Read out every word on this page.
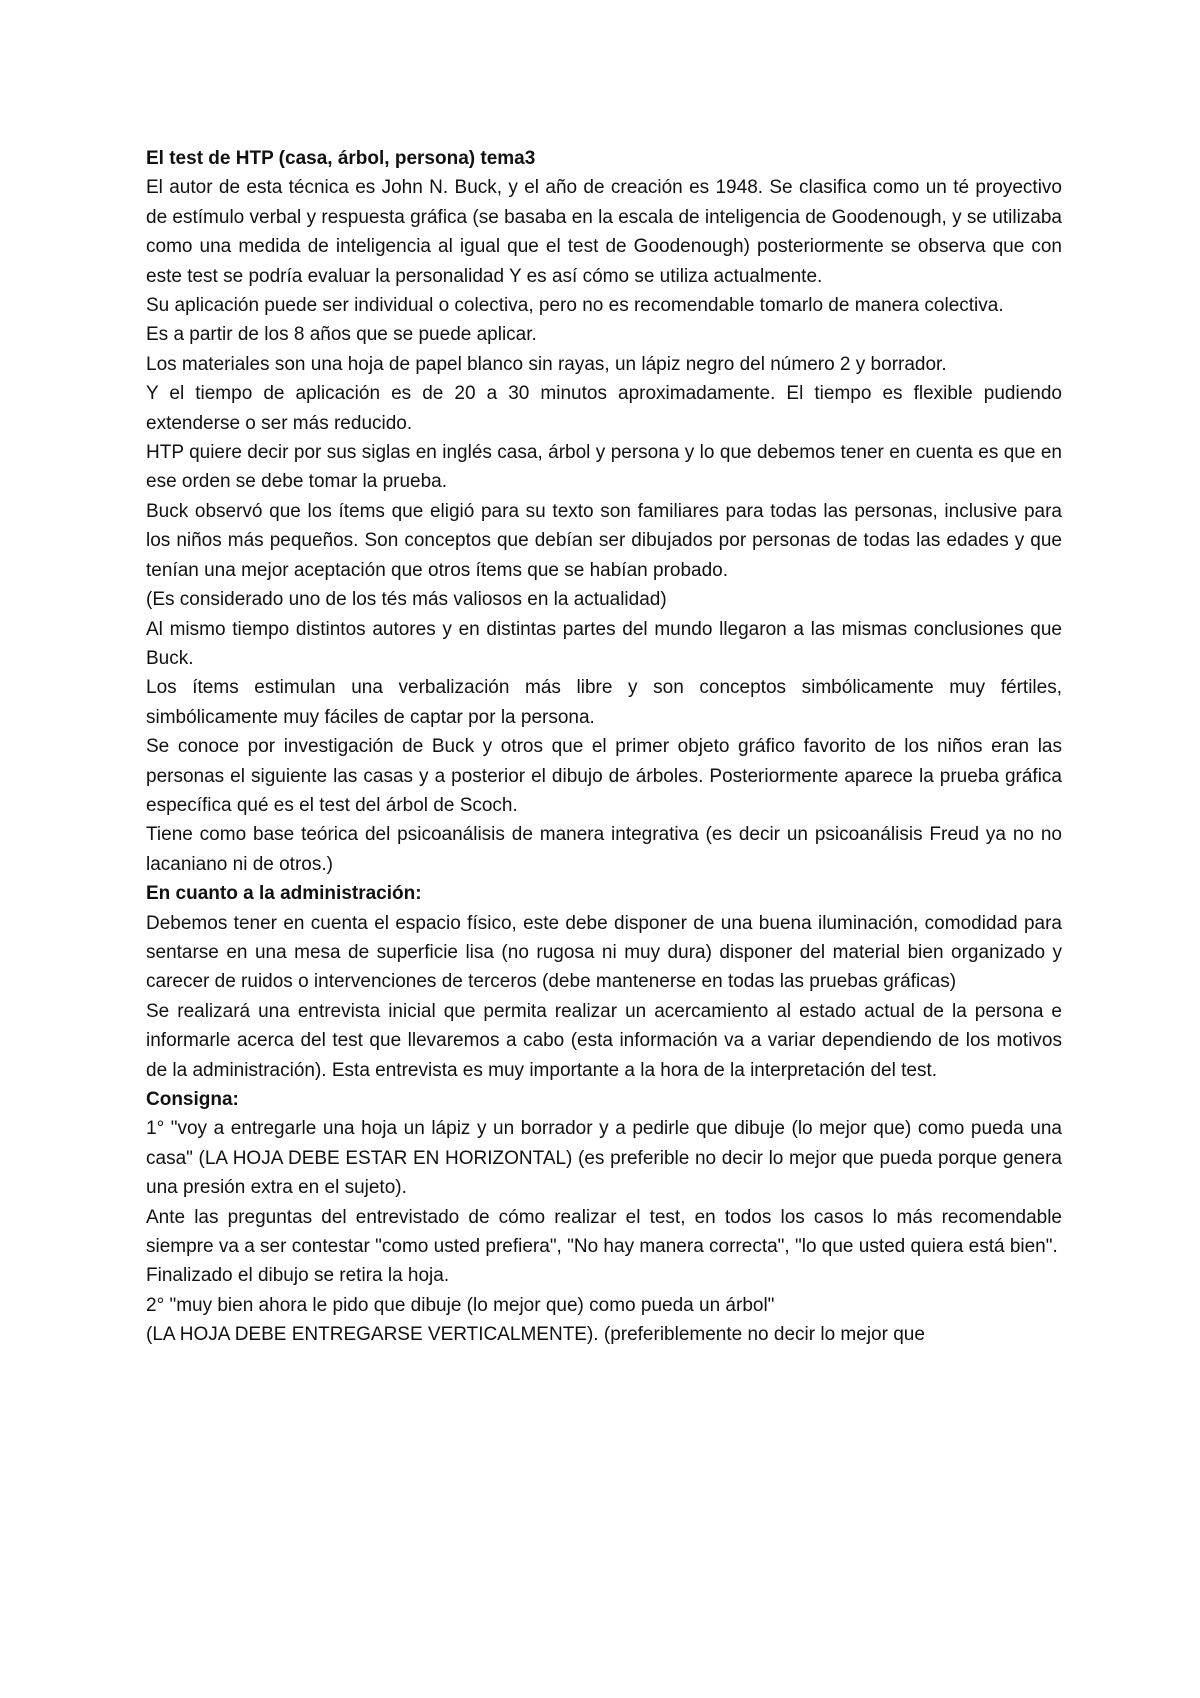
El test de HTP (casa, árbol, persona) tema3

El autor de esta técnica es John N. Buck, y el año de creación es 1948. Se clasifica como un té proyectivo de estímulo verbal y respuesta gráfica (se basaba en la escala de inteligencia de Goodenough, y se utilizaba como una medida de inteligencia al igual que el test de Goodenough) posteriormente se observa que con este test se podría evaluar la personalidad Y es así cómo se utiliza actualmente.

Su aplicación puede ser individual o colectiva, pero no es recomendable tomarlo de manera colectiva.

Es a partir de los 8 años que se puede aplicar.

Los materiales son una hoja de papel blanco sin rayas, un lápiz negro del número 2 y borrador.

Y el tiempo de aplicación es de 20 a 30 minutos aproximadamente. El tiempo es flexible pudiendo extenderse o ser más reducido.

HTP quiere decir por sus siglas en inglés casa, árbol y persona y lo que debemos tener en cuenta es que en ese orden se debe tomar la prueba.

Buck observó que los ítems que eligió para su texto son familiares para todas las personas, inclusive para los niños más pequeños. Son conceptos que debían ser dibujados por personas de todas las edades y que tenían una mejor aceptación que otros ítems que se habían probado.

(Es considerado uno de los tés más valiosos en la actualidad)

Al mismo tiempo distintos autores y en distintas partes del mundo llegaron a las mismas conclusiones que Buck.

Los ítems estimulan una verbalización más libre y son conceptos simbólicamente muy fértiles, simbólicamente muy fáciles de captar por la persona.

Se conoce por investigación de Buck y otros que el primer objeto gráfico favorito de los niños eran las personas el siguiente las casas y a posterior el dibujo de árboles. Posteriormente aparece la prueba gráfica específica qué es el test del árbol de Scoch.

Tiene como base teórica del psicoanálisis de manera integrativa (es decir un psicoanálisis Freud ya no no lacaniano ni de otros.)

En cuanto a la administración:

Debemos tener en cuenta el espacio físico, este debe disponer de una buena iluminación, comodidad para sentarse en una mesa de superficie lisa (no rugosa ni muy dura) disponer del material bien organizado y carecer de ruidos o intervenciones de terceros (debe mantenerse en todas las pruebas gráficas)

Se realizará una entrevista inicial que permita realizar un acercamiento al estado actual de la persona e informarle acerca del test que llevaremos a cabo (esta información va a variar dependiendo de los motivos de la administración). Esta entrevista es muy importante a la hora de la interpretación del test.

Consigna:

1° "voy a entregarle una hoja un lápiz y un borrador y a pedirle que dibuje (lo mejor que) como pueda una casa" (LA HOJA DEBE ESTAR EN HORIZONTAL) (es preferible no decir lo mejor que pueda porque genera una presión extra en el sujeto).

Ante las preguntas del entrevistado de cómo realizar el test, en todos los casos lo más recomendable siempre va a ser contestar "como usted prefiera", "No hay manera correcta", "lo que usted quiera está bien".

Finalizado el dibujo se retira la hoja.

2° "muy bien ahora le pido que dibuje (lo mejor que) como pueda un árbol"

(LA HOJA DEBE ENTREGARSE VERTICALMENTE). (preferiblemente no decir lo mejor que
